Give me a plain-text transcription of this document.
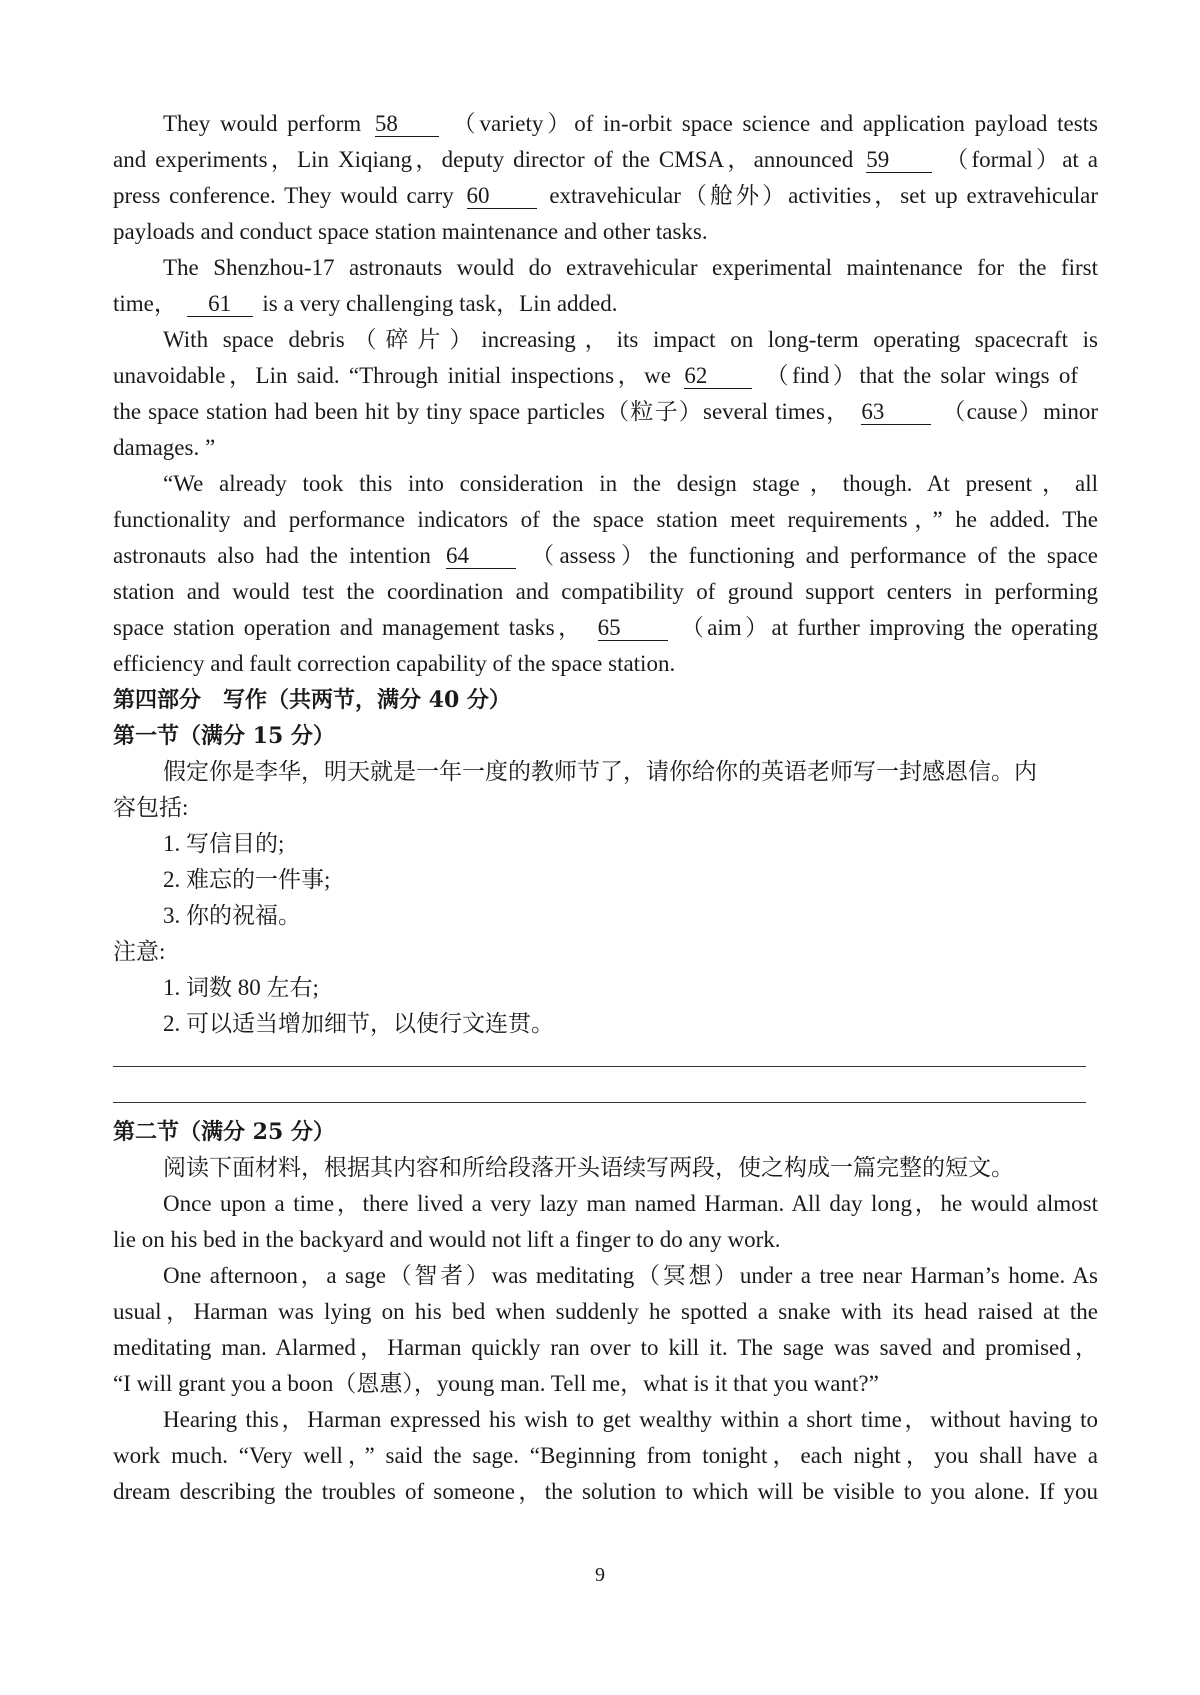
They would perform 58 （variety）of in-orbit space science and application payload tests
and experiments，Lin Xiqiang，deputy director of the CMSA，announced 59 （formal）at a
press conference. They would carry 60	extravehicular（舱外）activities，set up extravehicular
payloads and conduct space station maintenance and other tasks.
The Shenzhou-17 astronauts would do extravehicular experimental maintenance for the first
time， 61 is a very challenging task，Lin added.
With space debris（碎片）increasing，its impact on long-term operating spacecraft is
unavoidable，Lin said. “Through initial inspections，we 62	（find）that the solar wings of
the space station had been hit by tiny space particles（粒子）several times， 63	（cause）minor
damages. ”
“We already took this into consideration in the design stage，though. At present，all
functionality and performance indicators of the space station meet requirements，” he added. The
astronauts also had the intention 64	（assess）the functioning and performance of the space
station and would test the coordination and compatibility of ground support centers in performing
space station operation and management tasks， 65	（aim）at further improving the operating
efficiency and fault correction capability of the space station.
第四部分　写作（共两节，满分 40 分）
第一节（满分 15 分）
假定你是李华，明天就是一年一度的教师节了，请你给你的英语老师写一封感恩信。内
容包括:
1. 写信目的;
2. 难忘的一件事;
3. 你的祝福。
注意:
1. 词数 80 左右;
2. 可以适当增加细节，以使行文连贯。
第二节（满分 25 分）
阅读下面材料，根据其内容和所给段落开头语续写两段，使之构成一篇完整的短文。
Once upon a time，there lived a very lazy man named Harman. All day long，he would almost
lie on his bed in the backyard and would not lift a finger to do any work.
One afternoon，a sage（智者）was meditating（冥想）under a tree near Harman’s home. As
usual，Harman was lying on his bed when suddenly he spotted a snake with its head raised at the
meditating man. Alarmed，Harman quickly ran over to kill it. The sage was saved and promised，
“I will grant you a boon（恩惠），young man. Tell me，what is it that you want?”
Hearing this，Harman expressed his wish to get wealthy within a short time，without having to
work much. “Very well，” said the sage. “Beginning from tonight，each night，you shall have a
dream describing the troubles of someone，the solution to which will be visible to you alone. If you
9
